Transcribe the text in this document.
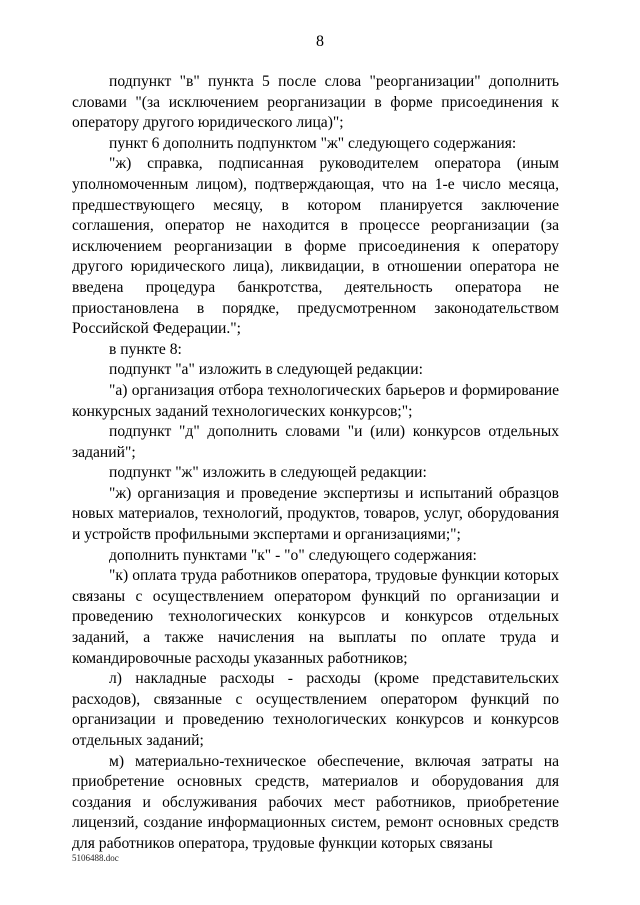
8

подпункт "в" пункта 5 после слова "реорганизации" дополнить словами "(за исключением реорганизации в форме присоединения к оператору другого юридического лица)";

пункт 6 дополнить подпунктом "ж" следующего содержания:

"ж) справка, подписанная руководителем оператора (иным уполномоченным лицом), подтверждающая, что на 1-е число месяца, предшествующего месяцу, в котором планируется заключение соглашения, оператор не находится в процессе реорганизации (за исключением реорганизации в форме присоединения к оператору другого юридического лица), ликвидации, в отношении оператора не введена процедура банкротства, деятельность оператора не приостановлена в порядке, предусмотренном законодательством Российской Федерации.";

в пункте 8:

подпункт "а" изложить в следующей редакции:

"а) организация отбора технологических барьеров и формирование конкурсных заданий технологических конкурсов;";

подпункт "д" дополнить словами "и (или) конкурсов отдельных заданий";

подпункт "ж" изложить в следующей редакции:

"ж) организация и проведение экспертизы и испытаний образцов новых материалов, технологий, продуктов, товаров, услуг, оборудования и устройств профильными экспертами и организациями;";

дополнить пунктами "к" - "о" следующего содержания:

"к) оплата труда работников оператора, трудовые функции которых связаны с осуществлением оператором функций по организации и проведению технологических конкурсов и конкурсов отдельных заданий, а также начисления на выплаты по оплате труда и командировочные расходы указанных работников;

л) накладные расходы - расходы (кроме представительских расходов), связанные с осуществлением оператором функций по организации и проведению технологических конкурсов и конкурсов отдельных заданий;

м) материально-техническое обеспечение, включая затраты на приобретение основных средств, материалов и оборудования для создания и обслуживания рабочих мест работников, приобретение лицензий, создание информационных систем, ремонт основных средств для работников оператора, трудовые функции которых связаны

5106488.doc
